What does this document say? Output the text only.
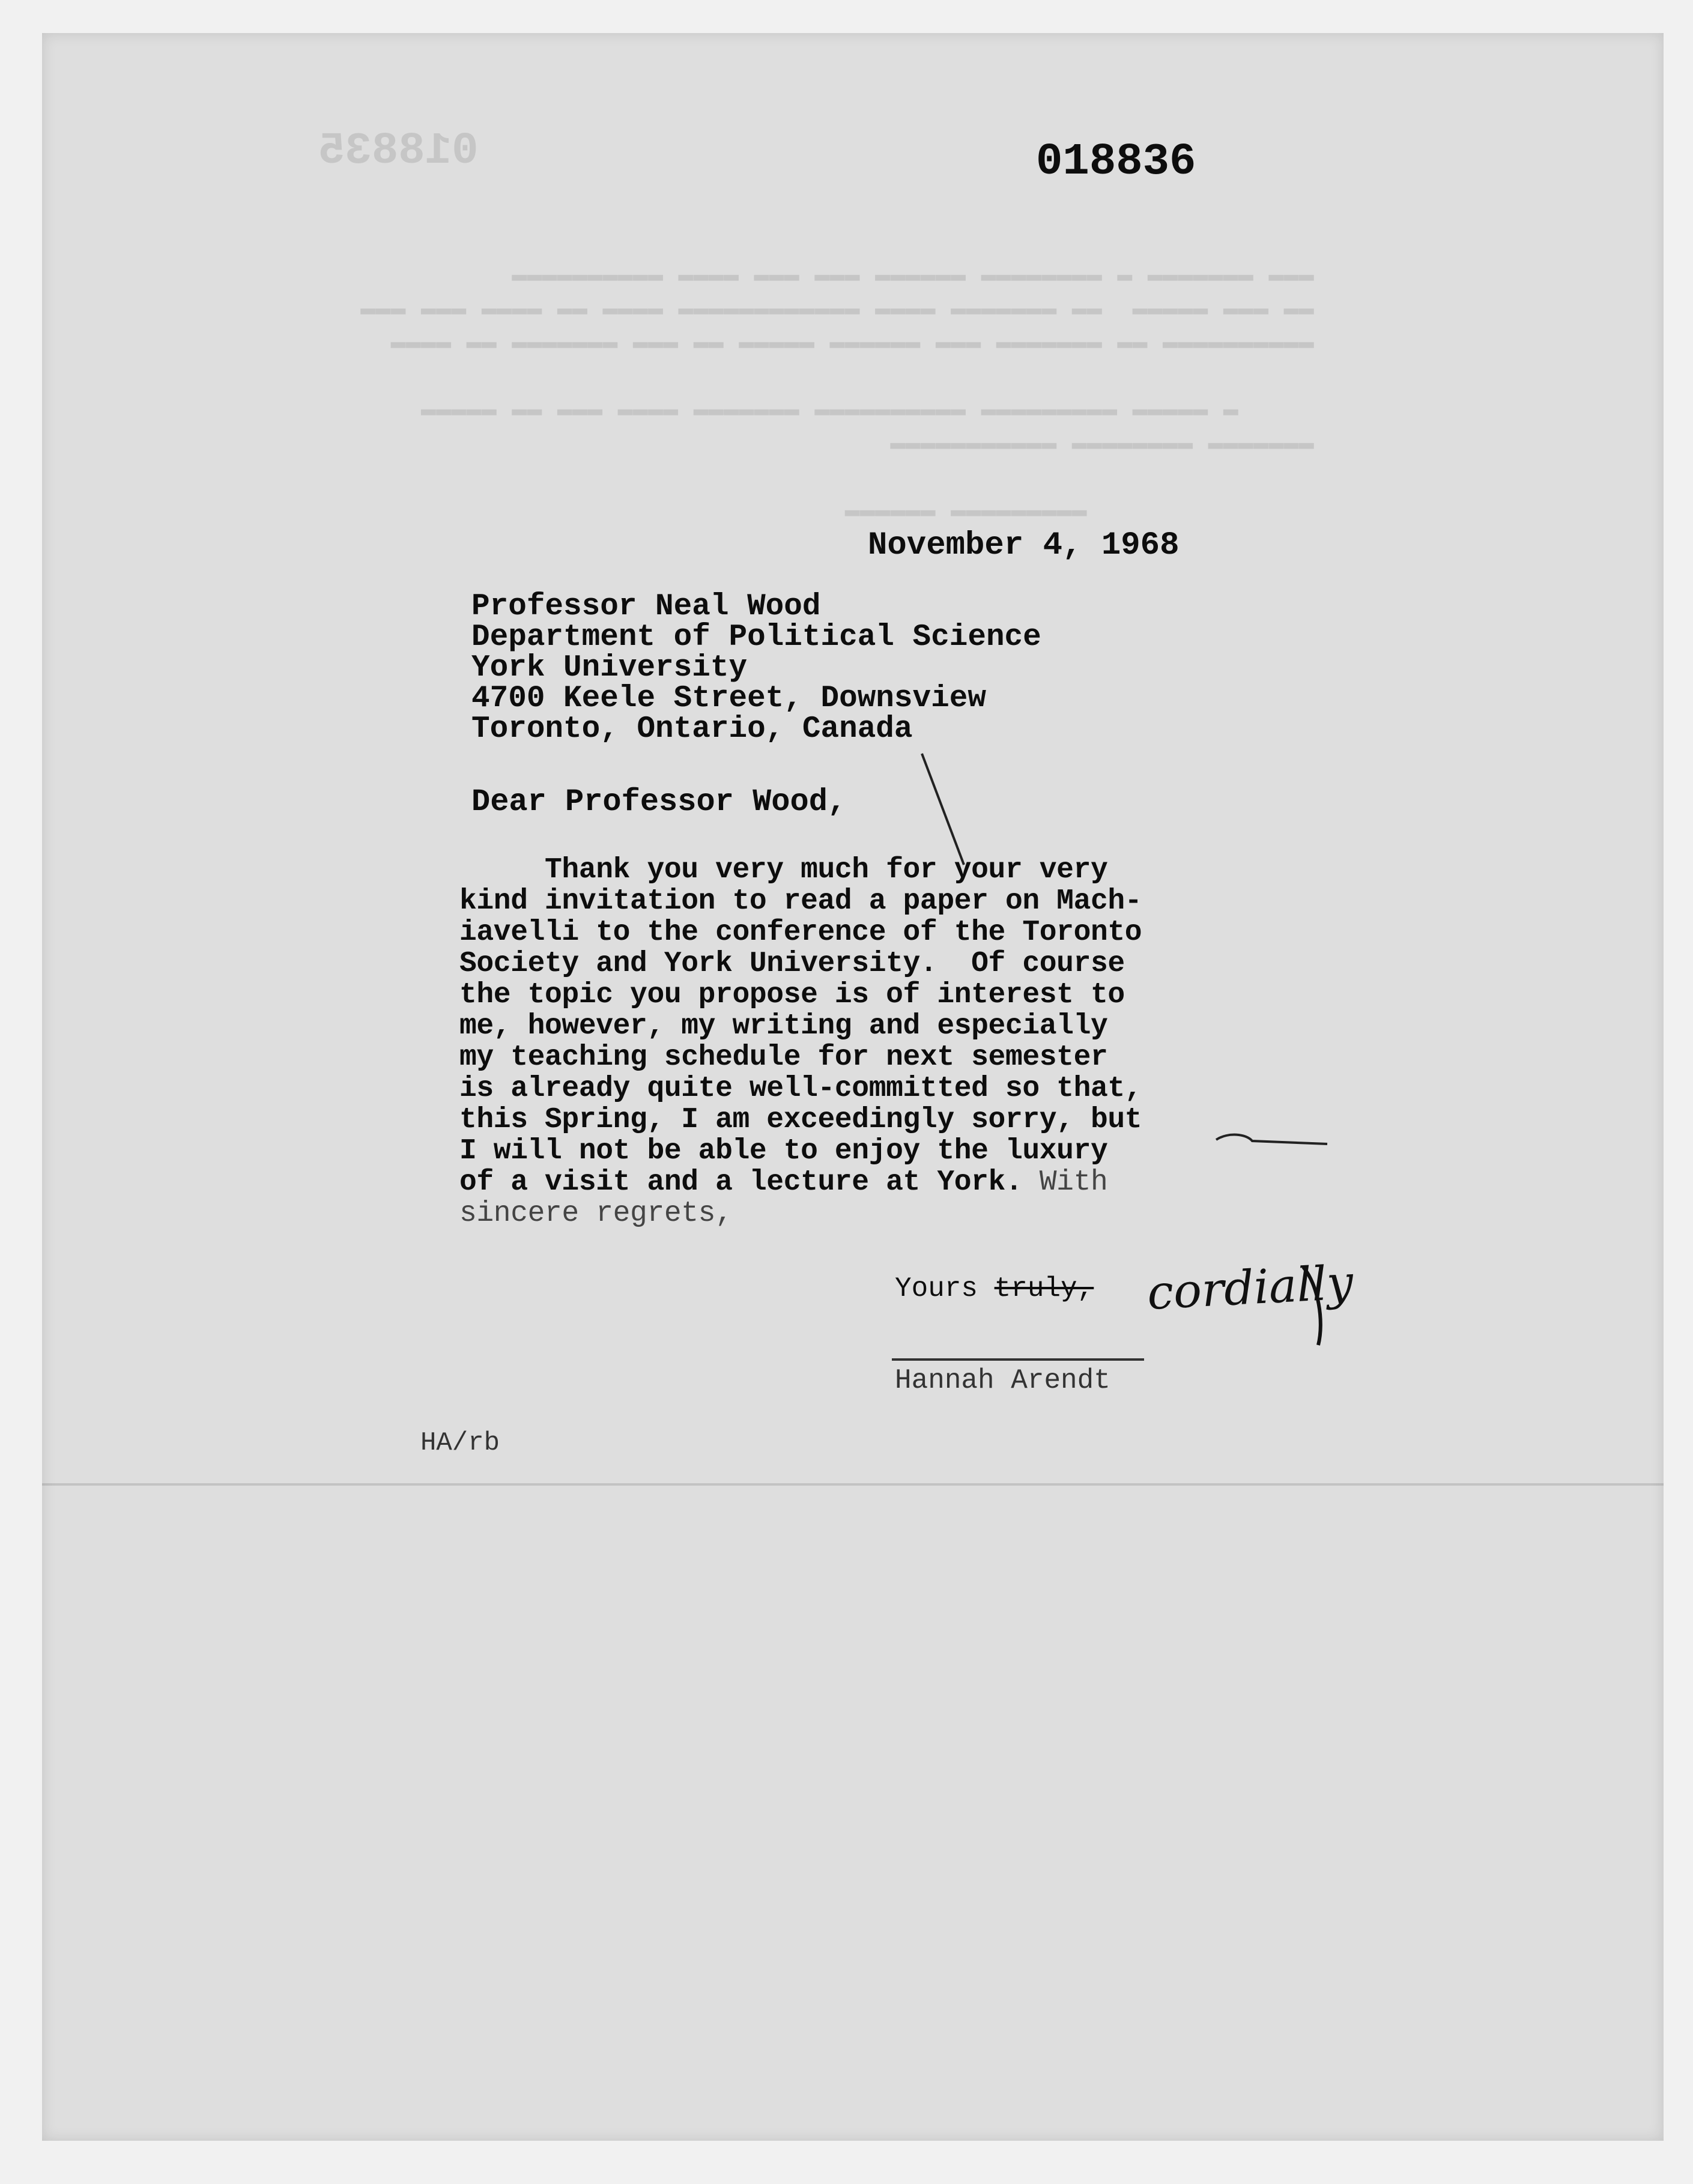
018835
▬▬▬ ▬▬▬▬▬▬▬ ▬ ▬▬▬▬▬▬▬▬ ▬▬▬▬▬▬ ▬▬▬ ▬▬▬ ▬▬▬▬ ▬▬▬▬▬▬▬▬▬▬
▬▬ ▬▬▬ ▬▬▬▬▬  ▬▬ ▬▬▬▬▬▬▬ ▬▬▬▬ ▬▬▬▬▬▬▬▬▬▬▬▬ ▬▬▬▬ ▬▬ ▬▬▬▬ ▬▬▬ ▬▬▬
▬▬▬▬▬▬▬▬▬▬ ▬▬ ▬▬▬▬▬▬▬ ▬▬▬ ▬▬▬▬▬▬ ▬▬▬▬▬ ▬▬ ▬▬▬ ▬▬▬▬▬▬▬ ▬▬ ▬▬▬▬

▬ ▬▬▬▬▬ ▬▬▬▬▬▬▬▬▬ ▬▬▬▬▬▬▬▬▬▬ ▬▬▬▬▬▬▬ ▬▬▬▬ ▬▬▬ ▬▬ ▬▬▬▬▬
▬▬▬▬▬▬▬ ▬▬▬▬▬▬▬▬ ▬▬▬▬▬▬▬▬▬▬▬

▬▬▬▬▬▬▬▬▬ ▬▬▬▬▬▬
018836
November 4, 1968
Professor Neal Wood
Department of Political Science
York University
4700 Keele Street, Downsview
Toronto, Ontario, Canada
Dear Professor Wood,
Thank you very much for your very
kind invitation to read a paper on Mach-
iavelli to the conference of the Toronto
Society and York University.  Of course
the topic you propose is of interest to
me, however, my writing and especially
my teaching schedule for next semester
is already quite well-committed so that,
this Spring, I am exceedingly sorry, but
I will not be able to enjoy the luxury
of a visit and a lecture at York. With
sincere regrets,
Yours truly, cordially
Hannah Arendt
HA/rb
